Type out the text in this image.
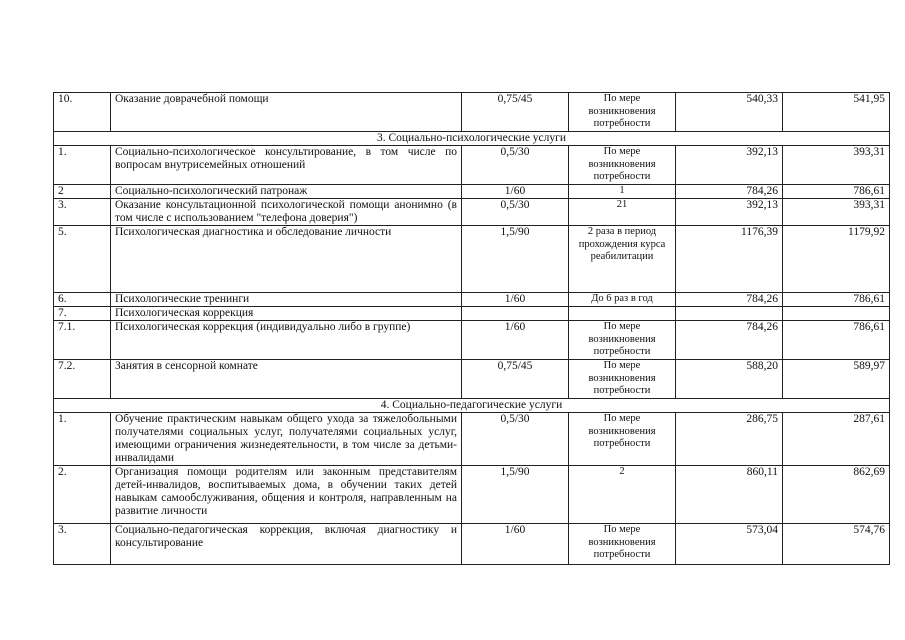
10.	Оказание доврачебной помощи	0,75/45	По мере возникновения потребности	540,33	541,95
3. Социально-психологические услуги					
1.	Социально-психологическое консультирование, в том числе по вопросам внутрисемейных отношений	0,5/30	По мере возникновения потребности	392,13	393,31
2	Социально-психологический патронаж	1/60	1	784,26	786,61
3.	Оказание консультационной психологической помощи анонимно (в том числе с использованием "телефона доверия")	0,5/30	21	392,13	393,31
5.	Психологическая диагностика и обследование личности	1,5/90	2 раза в период прохождения курса реабилитации	1176,39	1179,92
6.	Психологические тренинги	1/60	До 6 раз в год	784,26	786,61
7.	Психологическая коррекция				
7.1.	Психологическая коррекция (индивидуально либо в группе)	1/60	По мере возникновения потребности	784,26	786,61
7.2.	Занятия в сенсорной комнате	0,75/45	По мере возникновения потребности	588,20	589,97
4. Социально-педагогические услуги					
1.	Обучение практическим навыкам общего ухода за тяжелобольными получателями социальных услуг, получателями социальных услуг, имеющими ограничения жизнедеятельности, в том числе за детьми-инвалидами	0,5/30	По мере возникновения потребности	286,75	287,61
2.	Организация помощи родителям или законным представителям детей-инвалидов, воспитываемых дома, в обучении таких детей навыкам самообслуживания, общения и контроля, направленным на развитие личности	1,5/90	2	860,11	862,69
3.	Социально-педагогическая коррекция, включая диагностику и консультирование	1/60	По мере возникновения потребности	573,04	574,76
